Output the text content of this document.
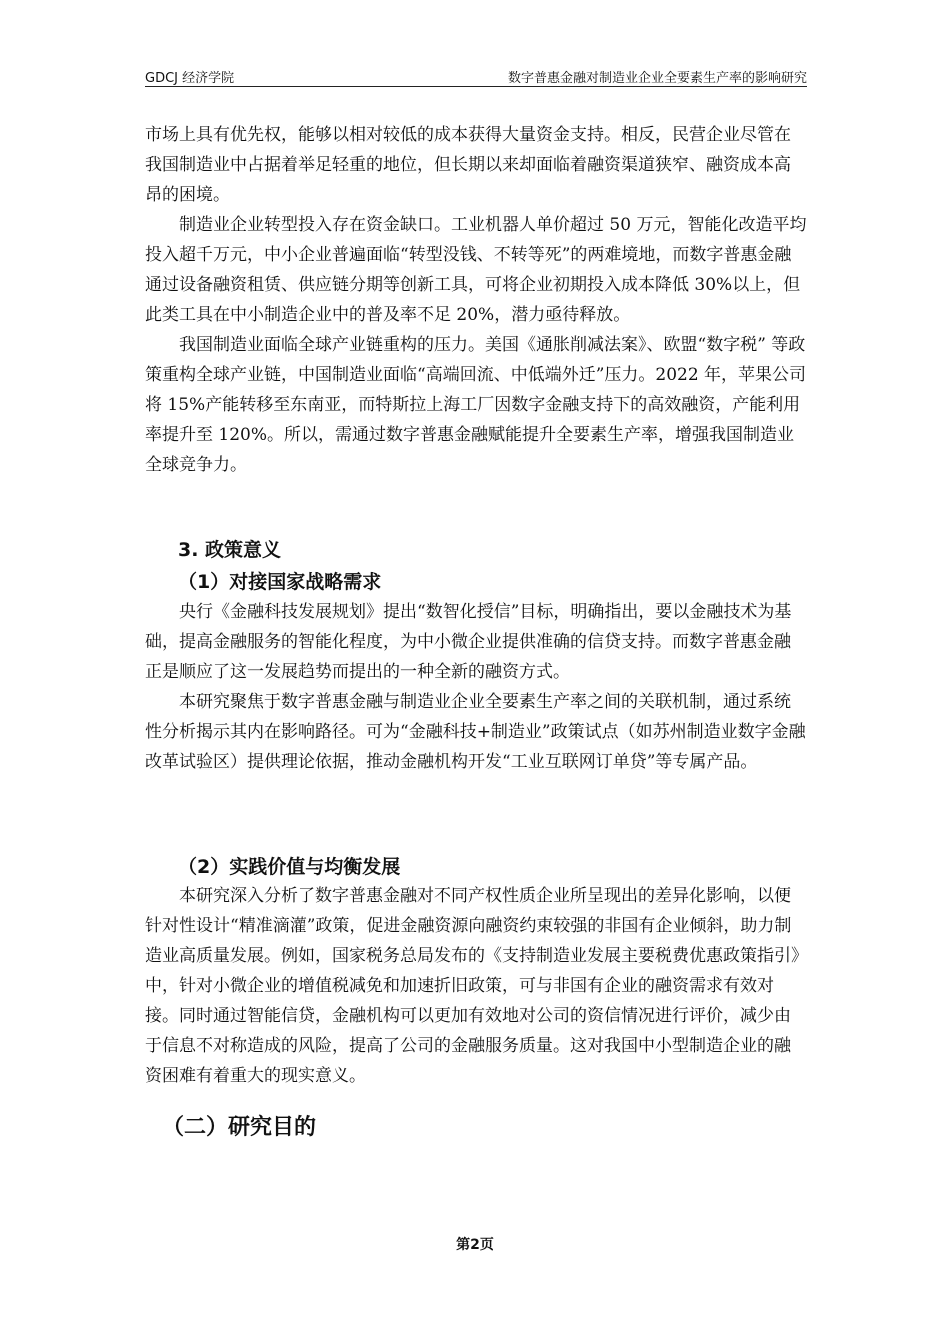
GDCJ 经济学院	数字普惠金融对制造业企业全要素生产率的影响研究

市场上具有优先权，能够以相对较低的成本获得大量资金支持。相反，民营企业尽管在我国制造业中占据着举足轻重的地位，但长期以来却面临着融资渠道狭窄、融资成本高昂的困境。

制造业企业转型投入存在资金缺口。工业机器人单价超过 50 万元，智能化改造平均投入超千万元，中小企业普遍面临“转型没钱、不转等死”的两难境地，而数字普惠金融通过设备融资租赁、供应链分期等创新工具，可将企业初期投入成本降低 30%以上，但此类工具在中小制造企业中的普及率不足 20%，潜力亟待释放。

我国制造业面临全球产业链重构的压力。美国《通胀削减法案》、欧盟“数字税” 等政策重构全球产业链，中国制造业面临“高端回流、中低端外迁”压力。2022 年，苹果公司将 15%产能转移至东南亚，而特斯拉上海工厂因数字金融支持下的高效融资，产能利用率提升至 120%。所以，需通过数字普惠金融赋能提升全要素生产率，增强我国制造业全球竞争力。

3. 政策意义
（1）对接国家战略需求

央行《金融科技发展规划》提出“数智化授信”目标，明确指出，要以金融技术为基础，提高金融服务的智能化程度，为中小微企业提供准确的信贷支持。而数字普惠金融正是顺应了这一发展趋势而提出的一种全新的融资方式。

本研究聚焦于数字普惠金融与制造业企业全要素生产率之间的关联机制，通过系统性分析揭示其内在影响路径。可为“金融科技+制造业”政策试点（如苏州制造业数字金融改革试验区）提供理论依据，推动金融机构开发“工业互联网订单贷”等专属产品。

（2）实践价值与均衡发展

本研究深入分析了数字普惠金融对不同产权性质企业所呈现出的差异化影响，以便针对性设计“精准滴灌”政策，促进金融资源向融资约束较强的非国有企业倾斜，助力制造业高质量发展。例如，国家税务总局发布的《支持制造业发展主要税费优惠政策指引》中，针对小微企业的增值税减免和加速折旧政策，可与非国有企业的融资需求有效对接。同时通过智能信贷，金融机构可以更加有效地对公司的资信情况进行评价，减少由于信息不对称造成的风险，提高了公司的金融服务质量。这对我国中小型制造企业的融资困难有着重大的现实意义。

（二）研究目的
第2页
